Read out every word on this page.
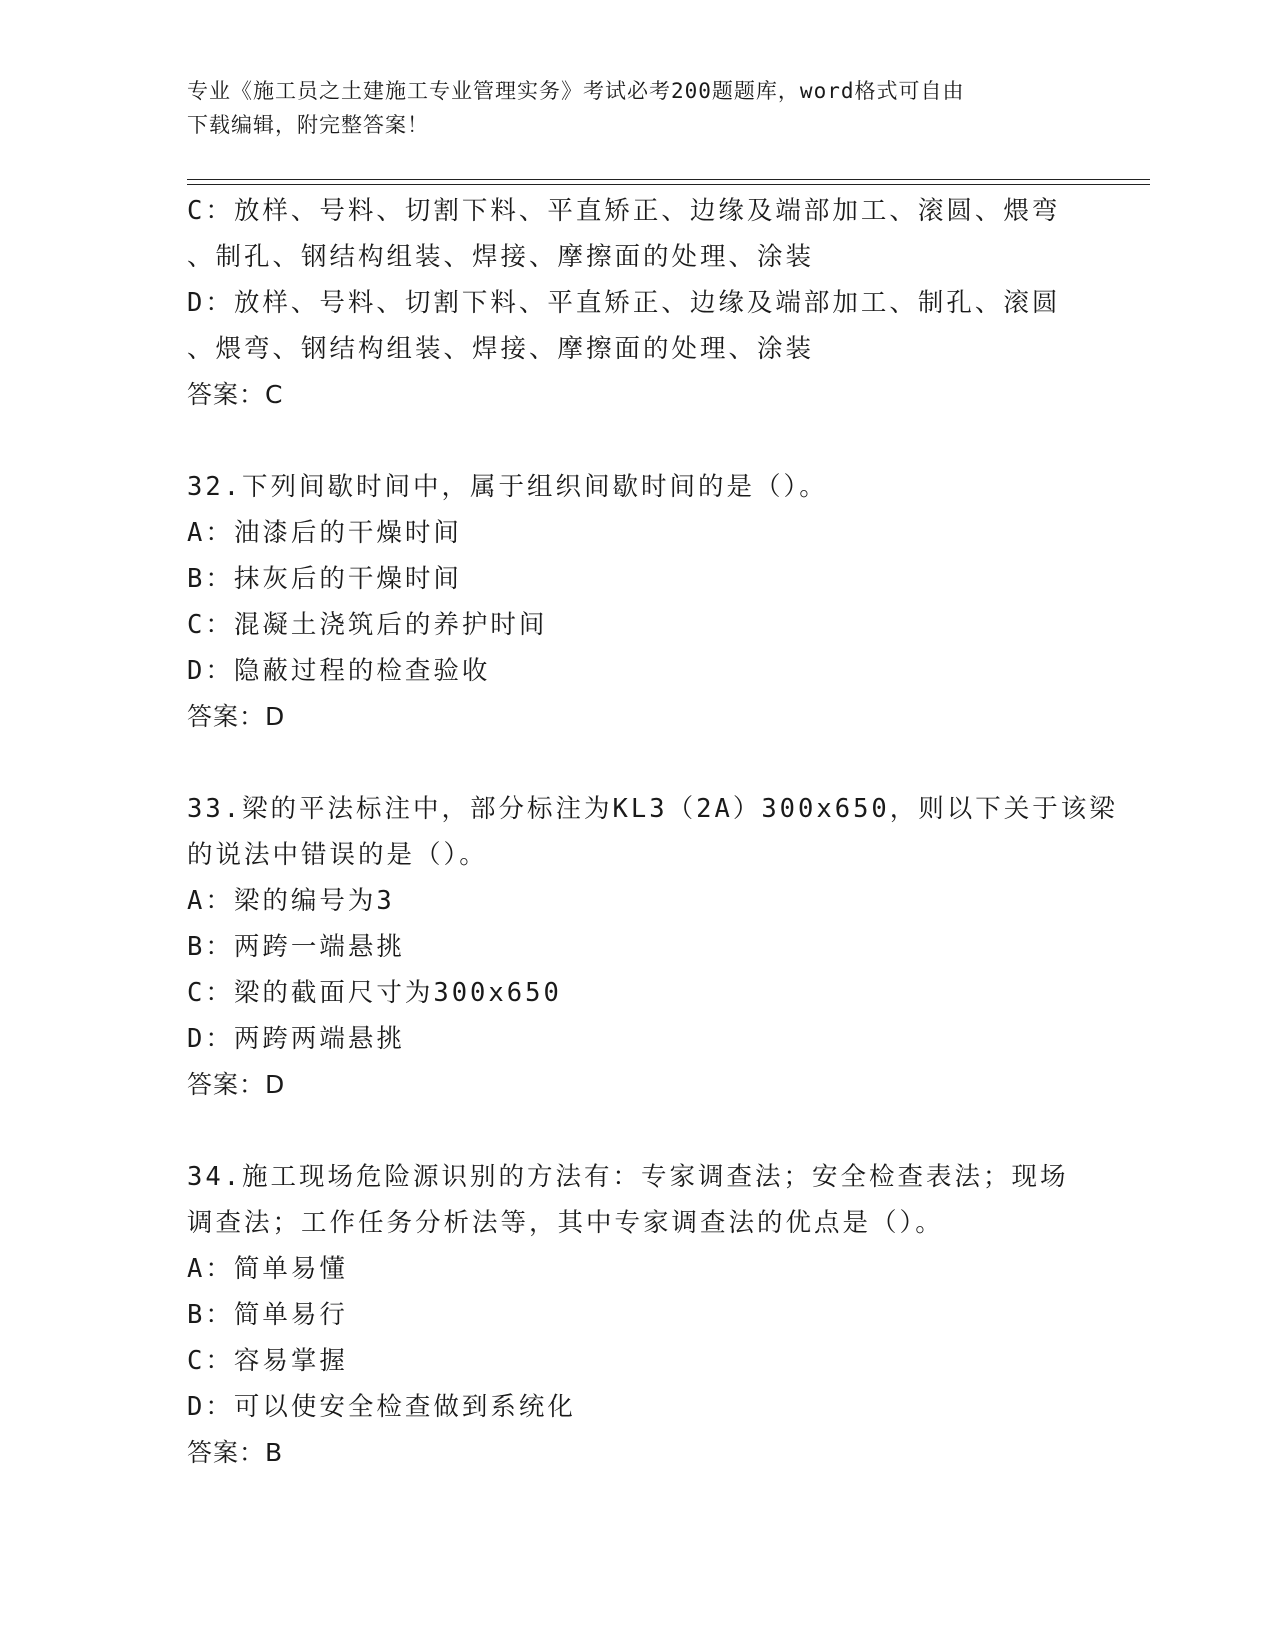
专业《施工员之土建施工专业管理实务》考试必考200题题库，word格式可自由
下载编辑，附完整答案！
C：放样、号料、切割下料、平直矫正、边缘及端部加工、滚圆、煨弯
、制孔、钢结构组装、焊接、摩擦面的处理、涂装
D：放样、号料、切割下料、平直矫正、边缘及端部加工、制孔、滚圆
、煨弯、钢结构组装、焊接、摩擦面的处理、涂装
答案：C
32.下列间歇时间中，属于组织间歇时间的是（）。
A：油漆后的干燥时间
B：抹灰后的干燥时间
C：混凝土浇筑后的养护时间
D：隐蔽过程的检查验收
答案：D
33.梁的平法标注中，部分标注为KL3（2A）300x650，则以下关于该梁
的说法中错误的是（）。
A：梁的编号为3
B：两跨一端悬挑
C：梁的截面尺寸为300x650
D：两跨两端悬挑
答案：D
34.施工现场危险源识别的方法有：专家调查法；安全检查表法；现场
调查法；工作任务分析法等，其中专家调查法的优点是（）。
A：简单易懂
B：简单易行
C：容易掌握
D：可以使安全检查做到系统化
答案：B
